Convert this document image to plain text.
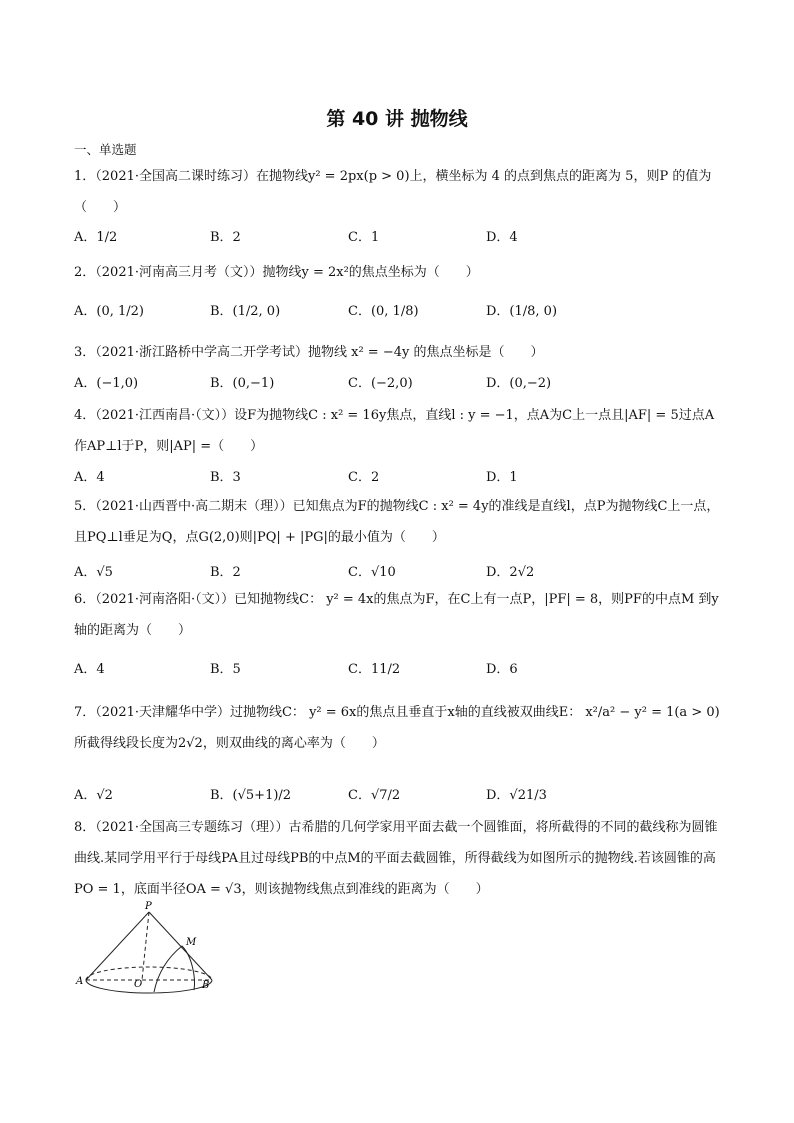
第 40 讲 抛物线
一、单选题
1．（2021·全国高二课时练习）在抛物线y² = 2px(p > 0)上，横坐标为 4 的点到焦点的距离为 5，则P 的值为（　　）
A．1/2	B．2	C．1	D．4
2．（2021·河南高三月考（文））抛物线y = 2x²的焦点坐标为（　　）
A．(0, 1/2)	B．(1/2, 0)	C．(0, 1/8)	D．(1/8, 0)
3．（2021·浙江路桥中学高二开学考试）抛物线 x² = −4y 的焦点坐标是（　　）
A．(−1,0)	B．(0,−1)	C．(−2,0)	D．(0,−2)
4．（2021·江西南昌·（文））设F为抛物线C : x² = 16y焦点，直线l : y = −1，点A为C上一点且|AF| = 5过点A作AP⊥l于P，则|AP| =（　　）
A．4	B．3	C．2	D．1
5．（2021·山西晋中·高二期末（理））已知焦点为F的抛物线C : x² = 4y的准线是直线l，点P为抛物线C上一点，且PQ⊥l垂足为Q，点G(2,0)则|PQ| + |PG|的最小值为（　　）
A．√5	B．2	C．√10	D．2√2
6．（2021·河南洛阳·（文））已知抛物线C： y² = 4x的焦点为F，在C上有一点P，|PF| = 8，则PF的中点M 到y轴的距离为（　　）
A．4	B．5	C．11/2	D．6
7．（2021·天津耀华中学）过抛物线C： y² = 6x的焦点且垂直于x轴的直线被双曲线E： x²/a² − y² = 1(a > 0)所截得线段长度为2√2，则双曲线的离心率为（　　）
A．√2	B．(√5+1)/2	C．√7/2	D．√21/3
8．（2021·全国高三专题练习（理））古希腊的几何学家用平面去截一个圆锥面，将所截得的不同的截线称为圆锥曲线.某同学用平行于母线PA且过母线PB的中点M的平面去截圆锥，所得截线为如图所示的抛物线.若该圆锥的高PO = 1，底面半径OA = √3，则该抛物线焦点到准线的距离为（　　）
P
M
A	O	B
